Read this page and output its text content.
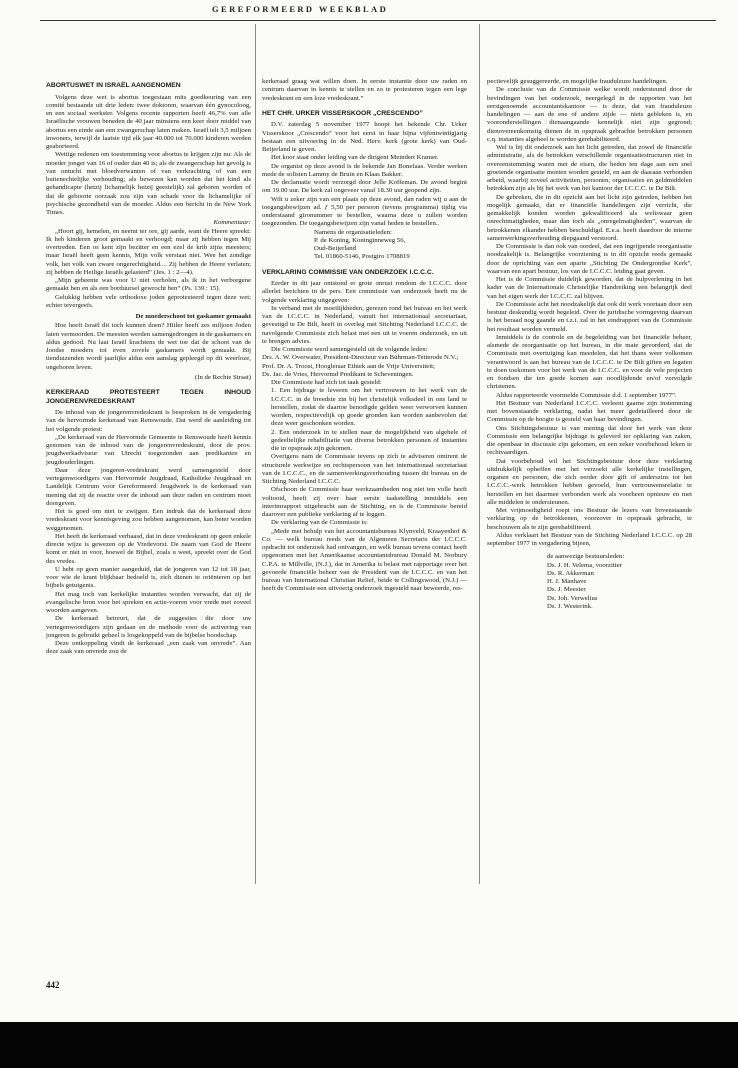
GEREFORMEERD WEEKBLAD
ABORTUSWET IN ISRAËL AANGENOMEN

Volgens deze wet is abortus toegestaan mits goedkeuring van een comité bestaande uit drie leden: twee doktoren, waarvan één gynocoloog, en een sociaal werkster. Volgens recente rapporten heeft 46,7% van alle Israëlische vrouwen beneden de 40 jaar minstens een keer door middel van abortus een einde aan een zwangerschap laten maken. Israël telt 3,5 miljoen inwoners, terwijl de laatste tijd elk jaar 40.000 tot 70.000 kinderen werden geaborteerd.

Wettige redenen om toestemming voor abortus te krijgen zijn nu: Als de moeder jonger van 16 of ouder dan 40 is; als de zwangerschap het gevolg is van ontucht met bloedverwanten of van verkrachting of van een buitenechtelijke verhouding; als bewezen kan worden dat het kind als gehandicapte (hetzij lichamelijk hetzij geestelijk) zal geboren worden of dat de geboorte oorzaak zou zijn van schade voor de lichamelijke of psychische gezondheid van de moeder. Aldus een bericht in de New York Times.

Kommentaar:

„Hoort gij, hemelen, en neemt ter ore, gij aarde, want de Heere spreekt: Ik heb kinderen groot gemaakt en verhoogd; maar zij hebben tegen Mij overtreden. Een os kent zijn bezitter en een ezel de krib zijns meesters; maar Israël heeft geen kennis, Mijn volk verstaat niet. Wee het zondige volk, het volk van zware ongerechtigheid.... Zij hebben de Heere verlaten; zij hebben de Heilige Israëls gelasterd” (Jes. 1 : 2—4).

„Mijn gebeente was voor U niet verholen, als ik in het verborgene gemaakt ben en als een borduursel gewrocht ben” (Ps. 139 : 15).

Gelukkig hebben vele orthodoxe joden geprotesteerd tegen deze wet; echter tevergeefs.

De moederschoot tot gaskamer gemaakt

Hoe heeft Israël dit toch kunnen doen? Hitler heeft zes miljoen Joden laten vermoorden. De meesten werden samengedrongen in de gaskamers en aldus gedood. Nu laat Israël krachtens de wet toe dat de schoot van de Joodse moeders tot even zovele gaskamers wordt gemaakt. Bij tienduizenden wordt jaarlijks aldus een aanslag gepleegd op dit weerloze, ongeboren leven.

(In de Rechte Straat)
KERKERAAD PROTESTEERT TEGEN INHOUD JONGERENVREDESKRANT

De inhoud van de jongerenvredeskrant is besproken in de vergadering van de hervormde kerkeraad van Renswoude. Dat werd de aanleiding tot het volgende protest:

„De kerkeraad van de Hervormde Gemeente te Renswoude heeft kennis genomen van de inhoud van de jongerenvredeskrant, door de prov. jeugdwerkadviseur van Utrecht toegezonden aan predikanten en jeugdouderlingen.

Daar deze jongeren-vredeskrant werd samengesteld door vertegenwoordigers van Hervormde Jeugdraad, Katholieke Jeugdraad en Landelijk Centrum voor Gereformeerd Jeugdwerk is de kerkeraad van mening dat zij de reactie over de inhoud aan deze raden en centrum moet doorgeven.

Het is goed om niet te zwijgen. Een indruk dat de kerkeraad deze vredeskrant voor kennisgeving zou hebben aangenomen, kan beter worden weggenomen.

Het heeft de kerkeraad verbaasd, dat in deze vredeskrant op geen enkele directe wijze is gewezen op de Vredevorst. De naam van God de Heere komt er niet in voor, hoewel de Bijbel, zoals u weet, spreekt over de God des vredes.

U hebt op geen manier aangeduid, dat de jongeren van 12 tot 18 jaar, voor wie de krant blijkbaar bedoeld is, zich dienen te oriënteren op het bijbels getuigenis.

Het mag toch van kerkelijke instanties worden verwacht, dat zij de evangelische bron voor het spreken en actie-voeren voor vrede met zoveel woorden aangeven.

De kerkeraad betreurt, dat de suggesties die door uw vertegenwoordigers zijn gedaan en de methode voor de activering van jongeren is gebruikt geheel is losgekoppeld van de bijbelse boodschap.

Deze ontkoppeling vindt de kerkeraad „een zaak van onvrede”. Aan deze zaak van onvrede zou de

kerkeraad graag wat willen doen. In eerste instantie door uw raden en centrum daarvan in kennis te stellen en zo te protesteren tegen een lege vredeskrant en een loze vredeskrant.”

HET CHR. URKER VISSERSKOOR „CRESCENDO”

D.V. zaterdag 5 november 1977 hoopt het bekende Chr. Urker Visserskoor „Crescendo” voor het eerst in haar bijna vijfentwintigjarig bestaan een uitvoering in de Ned. Herv. kerk (grote kerk) van Oud-Beijerland te geven.

Het koor staat onder leiding van de dirigent Meindert Kramer.

De organist op deze avond is de bekende Jan Bonefaas. Verder werken mede de solisten Lammy de Bruin en Klaas Bakker.

De declamatie wordt verzorgd door Jelle Koffeman. De avond begint om 19.00 uur. De kerk zal ongeveer vanaf 18.30 uur geopend zijn.

Wilt u zeker zijn van een plaats op deze avond, dan raden wij u aan de toegangsbewijzen ad. ƒ 5,50 per persoon (tevens programma) tijdig via onderstaand gironummer te bestellen, waarna deze u zullen worden toegezonden. De toegangsbewijzen zijn vanaf heden te bestellen..

Namens de organisatieleden:

P. de Koning, Koninginneweg 56,

Oud-Beijerland

Tel. 01860-5146, Postgiro 1708819

VERKLARING COMMISSIE VAN ONDERZOEK I.C.C.C.

Eerder in dit jaar ontstond er grote onrust rondom de I.C.C.C. door allerlei berichten in de pers. Een commissie van onderzoek heeft nu de volgende verklaring uitgegeven:

In verband met de moeilijkheden, gerezen rond het bureau en het werk van de I.C.C.C. in Nederland, vanuit het internationaal secretariaat, gevestigd te De Bilt, heeft in overleg met Stichting Nederland I.C.C.C. de navolgende Commissie zich belast met een uit te voeren onderzoek, en uit te brengen advies.

Die Commissie werd samengesteld uit de volgende leden:

Drs. A. W. Overwater, President-Directeur van Bührman-Tetterode N.V.;

Prof. Dr. A. Troost, Hoogleraar Ethiek aan de Vrije Universiteit;

Ds. Jac. de Vries, Hervormd Predikant te Scheveningen.

Die Commissie had zich tot taak gesteld:

1. Een bijdrage te leveren om het vertrouwen in het werk van de I.C.C.C. in de breedste zin bij het christelijk volksdeel in ons land te herstellen, zodat de daartoe benodigde gelden weer verworven kunnen worden, respectievelijk op goede gronden kan worden aanbevolen dat deze weer geschonken worden.

2. Een onderzoek in te stellen naar de mogelijkheid van algehele of gedeeltelijke rehabilitatie van diverse betrokken personen of instanties die in opspraak zijn gekomen.

Overigens nam de Commissie tevens op zich te adviseren omtrent de structurele werkwijze en rechtspersoon van het internationaal secretariaat van de I.C.C.C., en de samenwerkingsverhouding tussen dit bureau en de Stichting Nederland I.C.C.C.

Ofschoon de Commissie haar werkzaamheden nog niet ten volle heeft voltooid, heeft zij over haar eerste taakstelling inmiddels een interimrapport uitgebracht aan de Stichting, en is de Commissie bereid daarover een publieke verklaring af te leggen.

De verklaring van de Commissie is:

„Mede met behulp van het accountantsbureau Klynveld, Kraayenhof & Co. — welk bureau reeds van de Algemeen Secretaris der I.C.C.C. opdracht tot onderzoek had ontvangen, en welk bureau tevens contact heeft opgenomen met het Amerikaanse accountantsbureau Donald M. Norbury C.P.A. te Millville, (N.J.), dat in Amerika is belast met rapportage over het gevoerde financiële beheer van de President van de I.C.C.C. en van het bureau van International Christian Relief, beide te Collingswood, (N.J.) — heeft de Commissie een uitvoerig onderzoek ingesteld naar beweerde, res-

pectievelijk gesuggereerde, en mogelijke frauduleuze handelingen.

De conclusie van de Commissie welke wordt ondersteund door de bevindingen van het onderzoek, neergelegd in de rapporten van het eerstgenoemde accountantskantoor — is deze, dat van frauduleuze handelingen — aan de ene of andere zijde — niets gebleken is, en vooronderstellingen dienaangaande kennelijk niet zijn gegrond; dienovereenkomstig dienen de in opspraak gebrachte betrokken personen c.q. instanties algeheel te worden gerehabiliteerd.

Wel is bij dit onderzoek aan het licht getreden, dat zowel de financiële administratie, als de betrokken verschillende organisatiestructuren niet in overeenstemming waren met de eisen, die heden ten dage aan een snel groeiende organisatie moeten worden gesteld, en aan de daaraan verbonden arbeid, waarbij zoveel activiteiten, personen, organisaties en geldmiddelen betrokken zijn als bij het werk van het kantoor der I.C.C.C. te De Bilt.

De gebreken, die in dit opzicht aan het licht zijn getreden, hebben het mogelijk gemaakt, dat er financiële handelingen zijn verricht, die gemakkelijk konden worden gekwalificeerd als weliswaar geen onrechtmatigheden, maar dan toch als „onregelmatigheden”, waarvan de betrokkenen elkander hebben beschuldigd. E.e.a. heeft daardoor de interne samenwerkingsverhouding diepgaand verstoord.

De Commissie is dan ook van oordeel, dat een ingrijpende reorganisatie noodzakelijk is. Belangrijke voorziening is in dit opzicht reeds gemaakt door de oprichting van een aparte „Stichting De Ondergrondse Kerk”, waarvan een apart bestuur, los van de I.C.C.C. leiding gaat geven.

Het is de Commissie duidelijk geworden, dat de hulpverlening in het kader van de Internationale Christelijke Handreiking een belangrijk deel van het eigen werk der I.C.C.C. zal blijven.

De Commissie acht het noodzakelijk dat ook dit werk voortaan door een bestuur deskundig wordt begeleid. Over de juridische vormgeving daarvan is het beraad nog gaande en t.z.t. zal in het eindrapport van de Commissie het resultaat worden vermeld.

Inmiddels is de controle en de begeleiding van het financiële beheer, alsmede de reorganisatie op het bureau, in die mate gevorderd, dat de Commissie met overtuiging kan meedelen, dat het thans weer volkomen verantwoord is aan het bureau van de I.C.C.C. te De Bilt giften en legaten te doen toekomen voor het werk van de I.C.C.C. en voor de vele projecten en fondsen die ten goede komen aan noodlijdende en/of vervolgde christenen.

Aldus rapporteerde voormelde Commissie d.d. 1 september 1977”.

Het Bestuur van Nederland I.C.C.C. verleent gaarne zijn instemming met bovenstaande verklaring, nadat het meer gedetailleerd door de Commissie op de hoogte is gesteld van haar bevindingen.

Ons Stichtingsbestuur is van mening dat door het werk van deze Commissie een belangrijke bijdrage is geleverd ter opklaring van zaken, die openbaar in discussie zijn gekomen, en een zeker voorbehoud leken te rechtvaardigen.

Dat voorbehoud wil het Stichtingsbestuur door deze verklaring uitdrukkelijk opheffen met het verzoekt alle kerkelijke instellingen, organen en personen, die zich eerder door gift of anderszins tot het I.C.C.C.-werk betrokken hebben gevoeld, hun vertrouwensrelatie te herstellen en het daarmee verbonden werk als voorheen opnieuw en met alle middelen te ondersteunen.

Met vrijmoedigheid roept ons Bestuur de lezers van bovenstaande verklaring op de betrokkenen, voorzover in opspraak gebracht, te beschouwen als te zijn gerehabiliteerd.

Aldus verklaart het Bestuur van de Stichting Nederland I.C.C.C. op 28 september 1977 in vergadering bijeen,

de aanwezige bestuursleden:

Ds. J. H. Velema, voorzitter

Ds. R. Akkerman

H. J. Manhave

Ds. J. Meester

Ds. Joh. Verwelius

Ds. J. Westerink.

442
